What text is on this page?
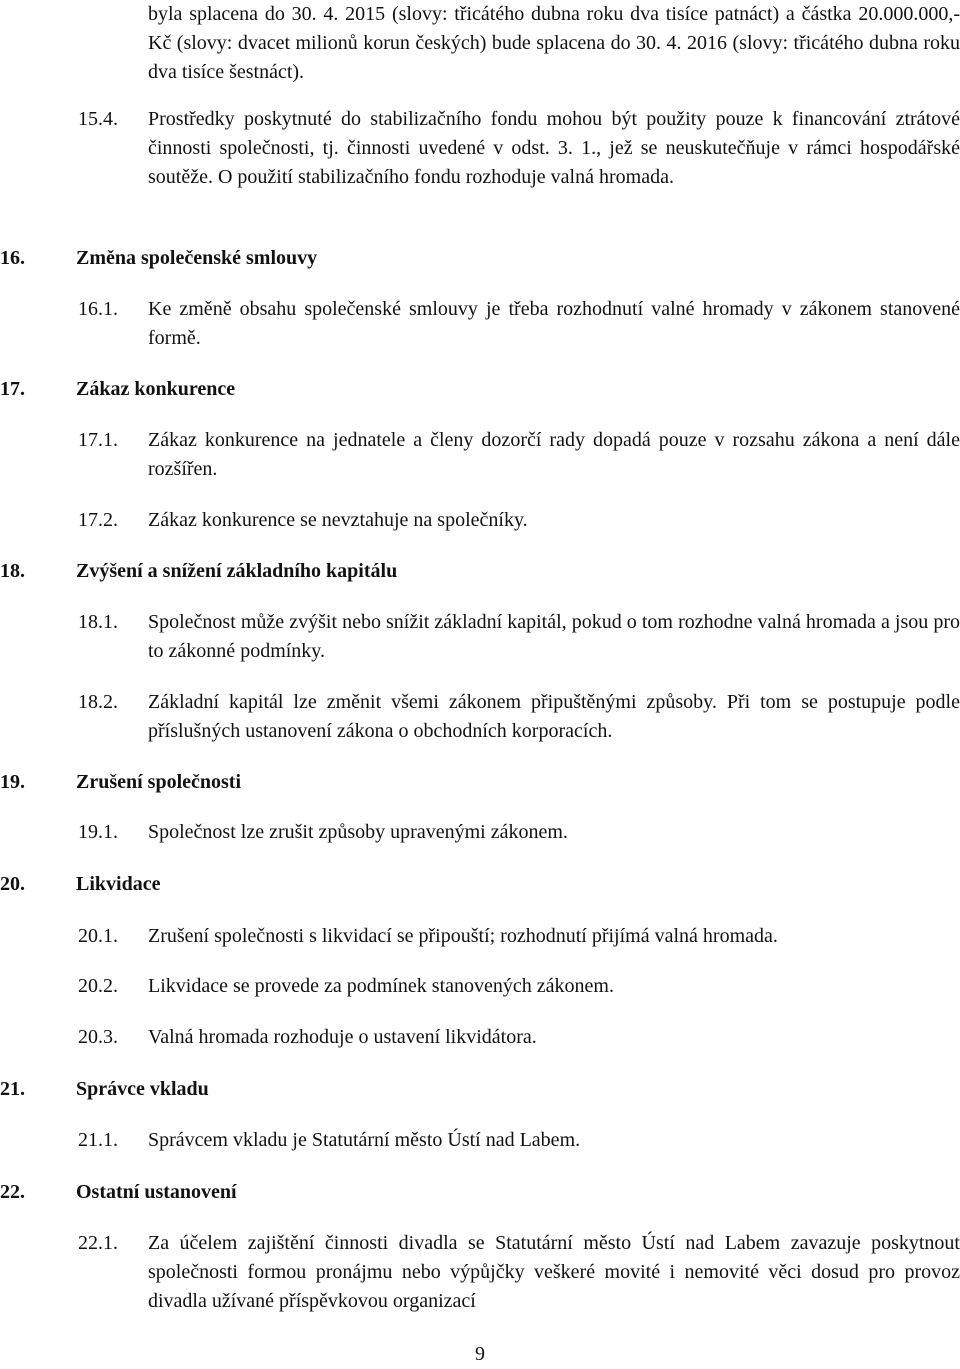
byla splacena do 30. 4. 2015 (slovy: třicátého dubna roku dva tisíce patnáct) a částka 20.000.000,- Kč (slovy: dvacet milionů korun českých) bude splacena do 30. 4. 2016 (slovy: třicátého dubna roku dva tisíce šestnáct).
15.4. Prostředky poskytnuté do stabilizačního fondu mohou být použity pouze k financování ztrátové činnosti společnosti, tj. činnosti uvedené v odst. 3. 1., jež se neuskutečňuje v rámci hospodářské soutěže. O použití stabilizačního fondu rozhoduje valná hromada.
16.	Změna společenské smlouvy
16.1. Ke změně obsahu společenské smlouvy je třeba rozhodnutí valné hromady v zákonem stanovené formě.
17.	Zákaz konkurence
17.1. Zákaz konkurence na jednatele a členy dozorčí rady dopadá pouze v rozsahu zákona a není dále rozšířen.
17.2. Zákaz konkurence se nevztahuje na společníky.
18.	Zvýšení a snížení základního kapitálu
18.1. Společnost může zvýšit nebo snížit základní kapitál, pokud o tom rozhodne valná hromada a jsou pro to zákonné podmínky.
18.2. Základní kapitál lze změnit všemi zákonem připuštěnými způsoby. Při tom se postupuje podle příslušných ustanovení zákona o obchodních korporacích.
19.	Zrušení společnosti
19.1. Společnost lze zrušit způsoby upravenými zákonem.
20.	Likvidace
20.1. Zrušení společnosti s likvidací se připouští; rozhodnutí přijímá valná hromada.
20.2. Likvidace se provede za podmínek stanovených zákonem.
20.3. Valná hromada rozhoduje o ustavení likvidátora.
21.	Správce vkladu
21.1. Správcem vkladu je Statutární město Ústí nad Labem.
22.	Ostatní ustanovení
22.1. Za účelem zajištění činnosti divadla se Statutární město Ústí nad Labem zavazuje poskytnout společnosti formou pronájmu nebo výpůjčky veškeré movité i nemovité věci dosud pro provoz divadla užívané příspěvkovou organizací
9
